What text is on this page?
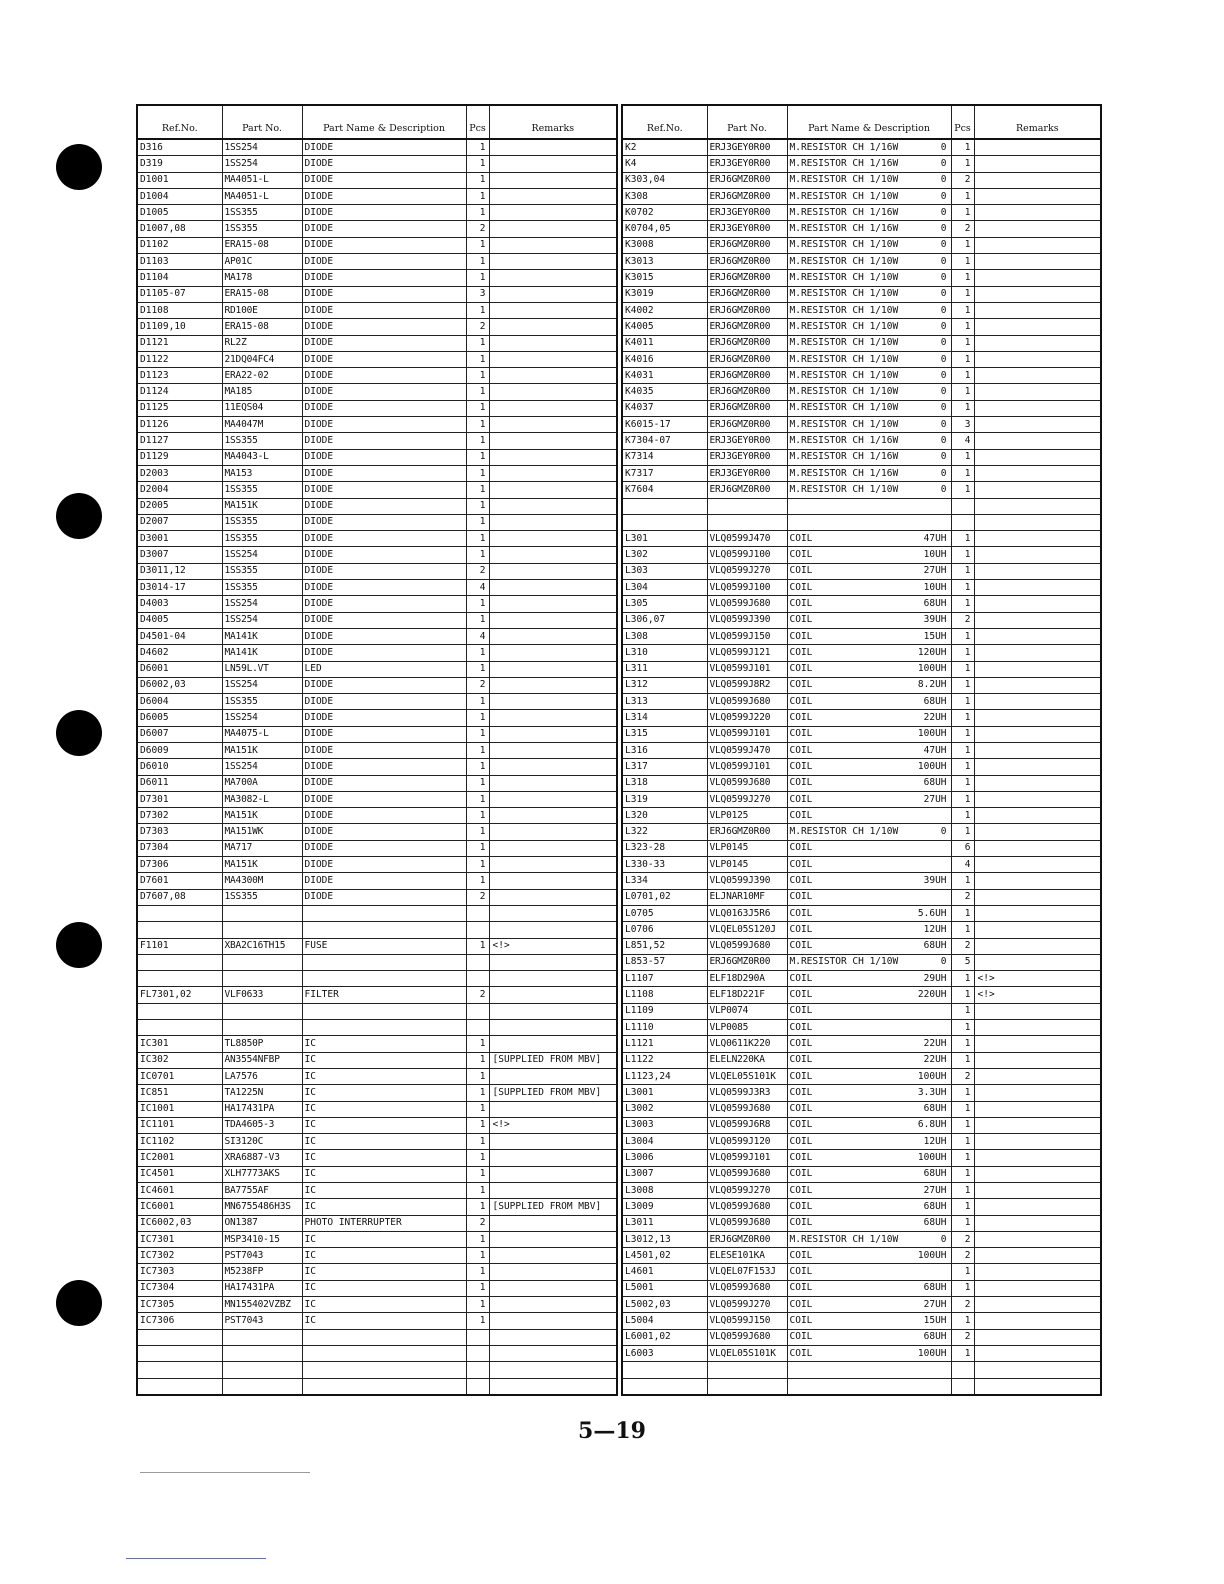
Ref.No.	Part No.	Part Name & Description	Pcs	Remarks
D316	1SS254	DIODE	1	
D319	1SS254	DIODE	1	
D1001	MA4051-L	DIODE	1	
D1004	MA4051-L	DIODE	1	
D1005	1SS355	DIODE	1	
D1007,08	1SS355	DIODE	2	
D1102	ERA15-08	DIODE	1	
D1103	AP01C	DIODE	1	
D1104	MA178	DIODE	1	
D1105-07	ERA15-08	DIODE	3	
D1108	RD100E	DIODE	1	
D1109,10	ERA15-08	DIODE	2	
D1121	RL2Z	DIODE	1	
D1122	21DQ04FC4	DIODE	1	
D1123	ERA22-02	DIODE	1	
D1124	MA185	DIODE	1	
D1125	11EQS04	DIODE	1	
D1126	MA4047M	DIODE	1	
D1127	1SS355	DIODE	1	
D1129	MA4043-L	DIODE	1	
D2003	MA153	DIODE	1	
D2004	1SS355	DIODE	1	
D2005	MA151K	DIODE	1	
D2007	1SS355	DIODE	1	
D3001	1SS355	DIODE	1	
D3007	1SS254	DIODE	1	
D3011,12	1SS355	DIODE	2	
D3014-17	1SS355	DIODE	4	
D4003	1SS254	DIODE	1	
D4005	1SS254	DIODE	1	
D4501-04	MA141K	DIODE	4	
D4602	MA141K	DIODE	1	
D6001	LN59L.VT	LED	1	
D6002,03	1SS254	DIODE	2	
D6004	1SS355	DIODE	1	
D6005	1SS254	DIODE	1	
D6007	MA4075-L	DIODE	1	
D6009	MA151K	DIODE	1	
D6010	1SS254	DIODE	1	
D6011	MA700A	DIODE	1	
D7301	MA3082-L	DIODE	1	
D7302	MA151K	DIODE	1	
D7303	MA151WK	DIODE	1	
D7304	MA717	DIODE	1	
D7306	MA151K	DIODE	1	
D7601	MA4300M	DIODE	1	
D7607,08	1SS355	DIODE	2	

F1101	XBA2C16TH15	FUSE	1	<!>

FL7301,02	VLF0633	FILTER	2	

IC301	TL8850P	IC	1	
IC302	AN3554NFBP	IC	1	[SUPPLIED FROM MBV]
IC0701	LA7576	IC	1	
IC851	TA1225N	IC	1	[SUPPLIED FROM MBV]
IC1001	HA17431PA	IC	1	
IC1101	TDA4605-3	IC	1	<!>
IC1102	SI3120C	IC	1	
IC2001	XRA6887-V3	IC	1	
IC4501	XLH7773AKS	IC	1	
IC4601	BA7755AF	IC	1	
IC6001	MN6755486H3S	IC	1	[SUPPLIED FROM MBV]
IC6002,03	ON1387	PHOTO INTERRUPTER	2	
IC7301	MSP3410-15	IC	1	
IC7302	PST7043	IC	1	
IC7303	M5238FP	IC	1	
IC7304	HA17431PA	IC	1	
IC7305	MN155402VZBZ	IC	1	
IC7306	PST7043	IC	1	

Ref.No.	Part No.	Part Name & Description	Pcs	Remarks
K2	ERJ3GEY0R00	M.RESISTOR CH 1/16W 0	1	
K4	ERJ3GEY0R00	M.RESISTOR CH 1/16W 0	1	
K303,04	ERJ6GMZ0R00	M.RESISTOR CH 1/10W 0	2	
K308	ERJ6GMZ0R00	M.RESISTOR CH 1/10W 0	1	
K0702	ERJ3GEY0R00	M.RESISTOR CH 1/16W 0	1	
K0704,05	ERJ3GEY0R00	M.RESISTOR CH 1/16W 0	2	
K3008	ERJ6GMZ0R00	M.RESISTOR CH 1/10W 0	1	
K3013	ERJ6GMZ0R00	M.RESISTOR CH 1/10W 0	1	
K3015	ERJ6GMZ0R00	M.RESISTOR CH 1/10W 0	1	
K3019	ERJ6GMZ0R00	M.RESISTOR CH 1/10W 0	1	
K4002	ERJ6GMZ0R00	M.RESISTOR CH 1/10W 0	1	
K4005	ERJ6GMZ0R00	M.RESISTOR CH 1/10W 0	1	
K4011	ERJ6GMZ0R00	M.RESISTOR CH 1/10W 0	1	
K4016	ERJ6GMZ0R00	M.RESISTOR CH 1/10W 0	1	
K4031	ERJ6GMZ0R00	M.RESISTOR CH 1/10W 0	1	
K4035	ERJ6GMZ0R00	M.RESISTOR CH 1/10W 0	1	
K4037	ERJ6GMZ0R00	M.RESISTOR CH 1/10W 0	1	
K6015-17	ERJ6GMZ0R00	M.RESISTOR CH 1/10W 0	3	
K7304-07	ERJ3GEY0R00	M.RESISTOR CH 1/16W 0	4	
K7314	ERJ3GEY0R00	M.RESISTOR CH 1/16W 0	1	
K7317	ERJ3GEY0R00	M.RESISTOR CH 1/16W 0	1	
K7604	ERJ6GMZ0R00	M.RESISTOR CH 1/10W 0	1	

L301	VLQ0599J470	COIL 47UH	1	
L302	VLQ0599J100	COIL 10UH	1	
L303	VLQ0599J270	COIL 27UH	1	
L304	VLQ0599J100	COIL 10UH	1	
L305	VLQ0599J680	COIL 68UH	1	
L306,07	VLQ0599J390	COIL 39UH	2	
L308	VLQ0599J150	COIL 15UH	1	
L310	VLQ0599J121	COIL 120UH	1	
L311	VLQ0599J101	COIL 100UH	1	
L312	VLQ0599J8R2	COIL 8.2UH	1	
L313	VLQ0599J680	COIL 68UH	1	
L314	VLQ0599J220	COIL 22UH	1	
L315	VLQ0599J101	COIL 100UH	1	
L316	VLQ0599J470	COIL 47UH	1	
L317	VLQ0599J101	COIL 100UH	1	
L318	VLQ0599J680	COIL 68UH	1	
L319	VLQ0599J270	COIL 27UH	1	
L320	VLP0125	COIL	1	
L322	ERJ6GMZ0R00	M.RESISTOR CH 1/10W 0	1	
L323-28	VLP0145	COIL	6	
L330-33	VLP0145	COIL	4	
L334	VLQ0599J390	COIL 39UH	1	
L0701,02	ELJNAR10MF	COIL	2	
L0705	VLQ0163J5R6	COIL 5.6UH	1	
L0706	VLQEL05S120J	COIL 12UH	1	
L851,52	VLQ0599J680	COIL 68UH	2	
L853-57	ERJ6GMZ0R00	M.RESISTOR CH 1/10W 0	5	
L1107	ELF18D290A	COIL 29UH	1	<!>
L1108	ELF18D221F	COIL 220UH	1	<!>
L1109	VLP0074	COIL	1	
L1110	VLP0085	COIL	1	
L1121	VLQ0611K220	COIL 22UH	1	
L1122	ELELN220KA	COIL 22UH	1	
L1123,24	VLQEL05S101K	COIL 100UH	2	
L3001	VLQ0599J3R3	COIL 3.3UH	1	
L3002	VLQ0599J680	COIL 68UH	1	
L3003	VLQ0599J6R8	COIL 6.8UH	1	
L3004	VLQ0599J120	COIL 12UH	1	
L3006	VLQ0599J101	COIL 100UH	1	
L3007	VLQ0599J680	COIL 68UH	1	
L3008	VLQ0599J270	COIL 27UH	1	
L3009	VLQ0599J680	COIL 68UH	1	
L3011	VLQ0599J680	COIL 68UH	1	
L3012,13	ERJ6GMZ0R00	M.RESISTOR CH 1/10W 0	2	
L4501,02	ELESE101KA	COIL 100UH	2	
L4601	VLQEL07F153J	COIL	1	
L5001	VLQ0599J680	COIL 68UH	1	
L5002,03	VLQ0599J270	COIL 27UH	2	
L5004	VLQ0599J150	COIL 15UH	1	
L6001,02	VLQ0599J680	COIL 68UH	2	
L6003	VLQEL05S101K	COIL 100UH	1	

5—19
